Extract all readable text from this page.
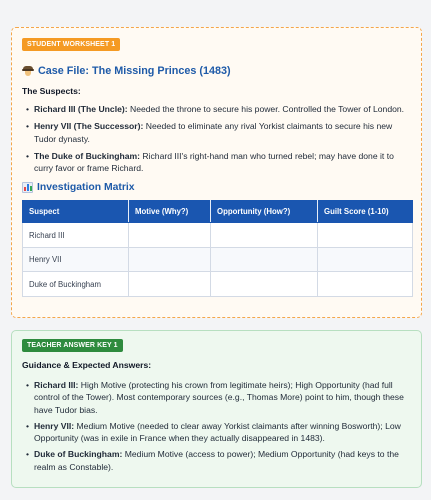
STUDENT WORKSHEET 1
Case File: The Missing Princes (1483)
The Suspects:
• Richard III (The Uncle): Needed the throne to secure his power. Controlled the Tower of London.
• Henry VII (The Successor): Needed to eliminate any rival Yorkist claimants to secure his new Tudor dynasty.
• The Duke of Buckingham: Richard III's right-hand man who turned rebel; may have done it to curry favor or frame Richard.
Investigation Matrix
Suspect	Motive (Why?)	Opportunity (How?)	Guilt Score (1-10)
Richard III			
Henry VII			
Duke of Buckingham			
TEACHER ANSWER KEY 1
Guidance & Expected Answers:
• Richard III: High Motive (protecting his crown from legitimate heirs); High Opportunity (had full control of the Tower). Most contemporary sources (e.g., Thomas More) point to him, though these have Tudor bias.
• Henry VII: Medium Motive (needed to clear away Yorkist claimants after winning Bosworth); Low Opportunity (was in exile in France when they actually disappeared in 1483).
• Duke of Buckingham: Medium Motive (access to power); Medium Opportunity (had keys to the realm as Constable).
